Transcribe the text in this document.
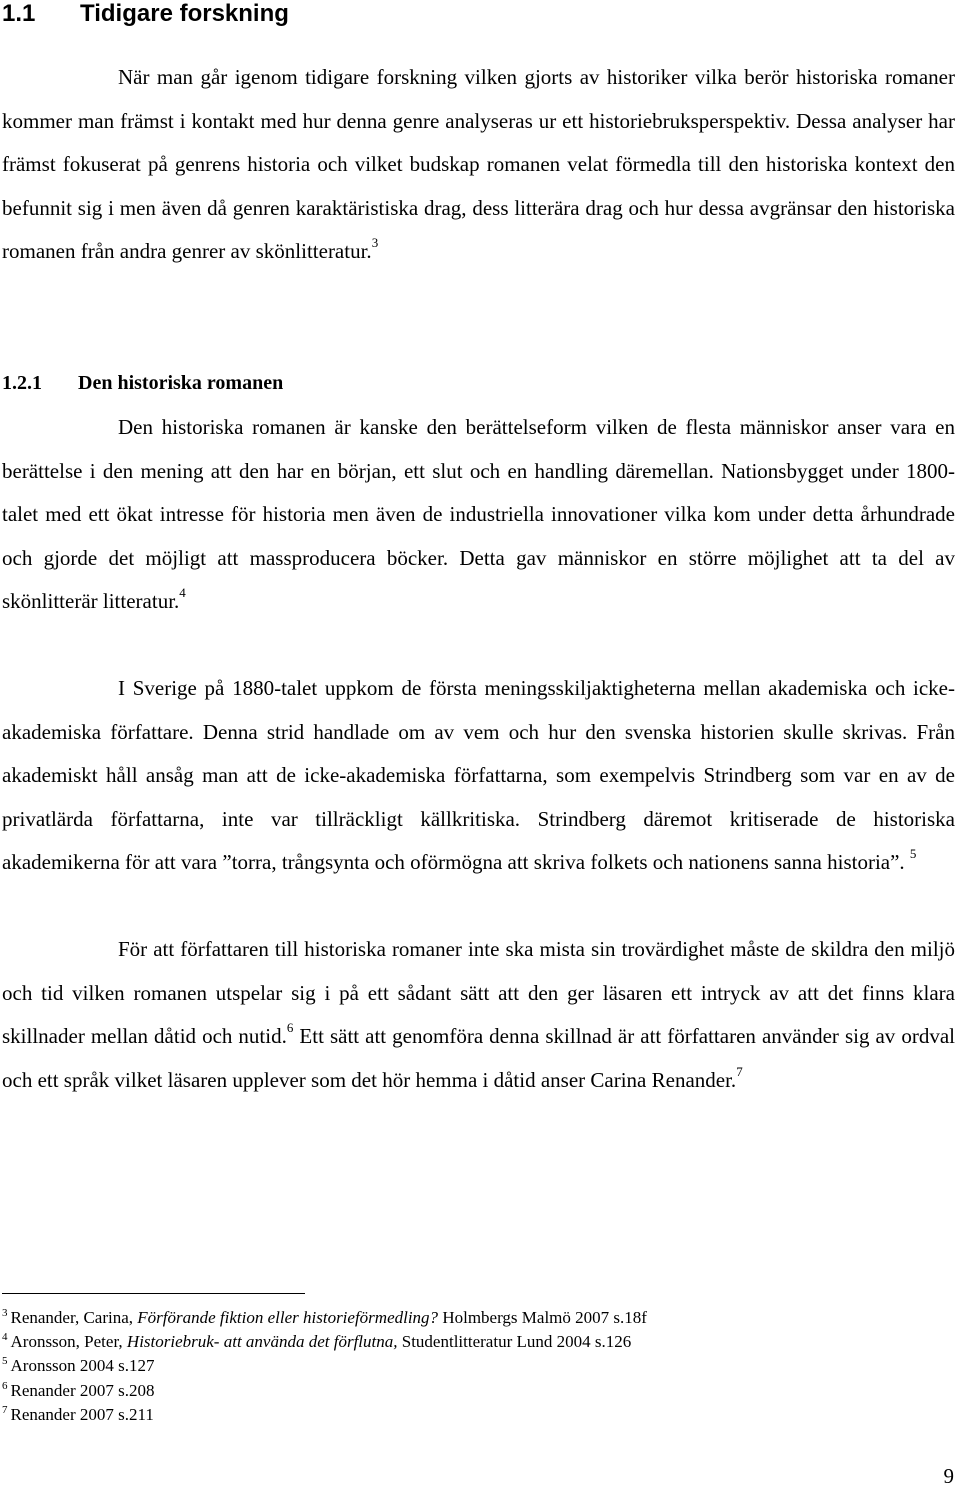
1.1 Tidigare forskning
När man går igenom tidigare forskning vilken gjorts av historiker vilka berör historiska romaner kommer man främst i kontakt med hur denna genre analyseras ur ett historiebruksperspektiv. Dessa analyser har främst fokuserat på genrens historia och vilket budskap romanen velat förmedla till den historiska kontext den befunnit sig i men även då genren karaktäristiska drag, dess litterära drag och hur dessa avgränsar den historiska romanen från andra genrer av skönlitteratur.$^3$
1.2.1 Den historiska romanen
Den historiska romanen är kanske den berättelseform vilken de flesta människor anser vara en berättelse i den mening att den har en början, ett slut och en handling däremellan. Nationsbygget under 1800-talet med ett ökat intresse för historia men även de industriella innovationer vilka kom under detta århundrade och gjorde det möjligt att massproducera böcker. Detta gav människor en större möjlighet att ta del av skönlitterär litteratur.$^4$
I Sverige på 1880-talet uppkom de första meningsskiljaktigheterna mellan akademiska och icke-akademiska författare. Denna strid handlade om av vem och hur den svenska historien skulle skrivas. Från akademiskt håll ansåg man att de icke-akademiska författarna, som exempelvis Strindberg som var en av de privatlärda författarna, inte var tillräckligt källkritiska. Strindberg däremot kritiserade de historiska akademikerna för att vara ”torra, trångsynta och oförmögna att skriva folkets och nationens sanna historia”. $^5$
För att författaren till historiska romaner inte ska mista sin trovärdighet måste de skildra den miljö och tid vilken romanen utspelar sig i på ett sådant sätt att den ger läsaren ett intryck av att det finns klara skillnader mellan dåtid och nutid.$^6$ Ett sätt att genomföra denna skillnad är att författaren använder sig av ordval och ett språk vilket läsaren upplever som det hör hemma i dåtid anser Carina Renander.$^7$
$^3$ Renander, Carina, Förförande fiktion eller historieförmedling? Holmbergs Malmö 2007 s.18f
$^4$ Aronsson, Peter, Historiebruk- att använda det förflutna, Studentlitteratur Lund 2004 s.126
$^5$ Aronsson 2004 s.127
$^6$ Renander 2007 s.208
$^7$ Renander 2007 s.211
9
